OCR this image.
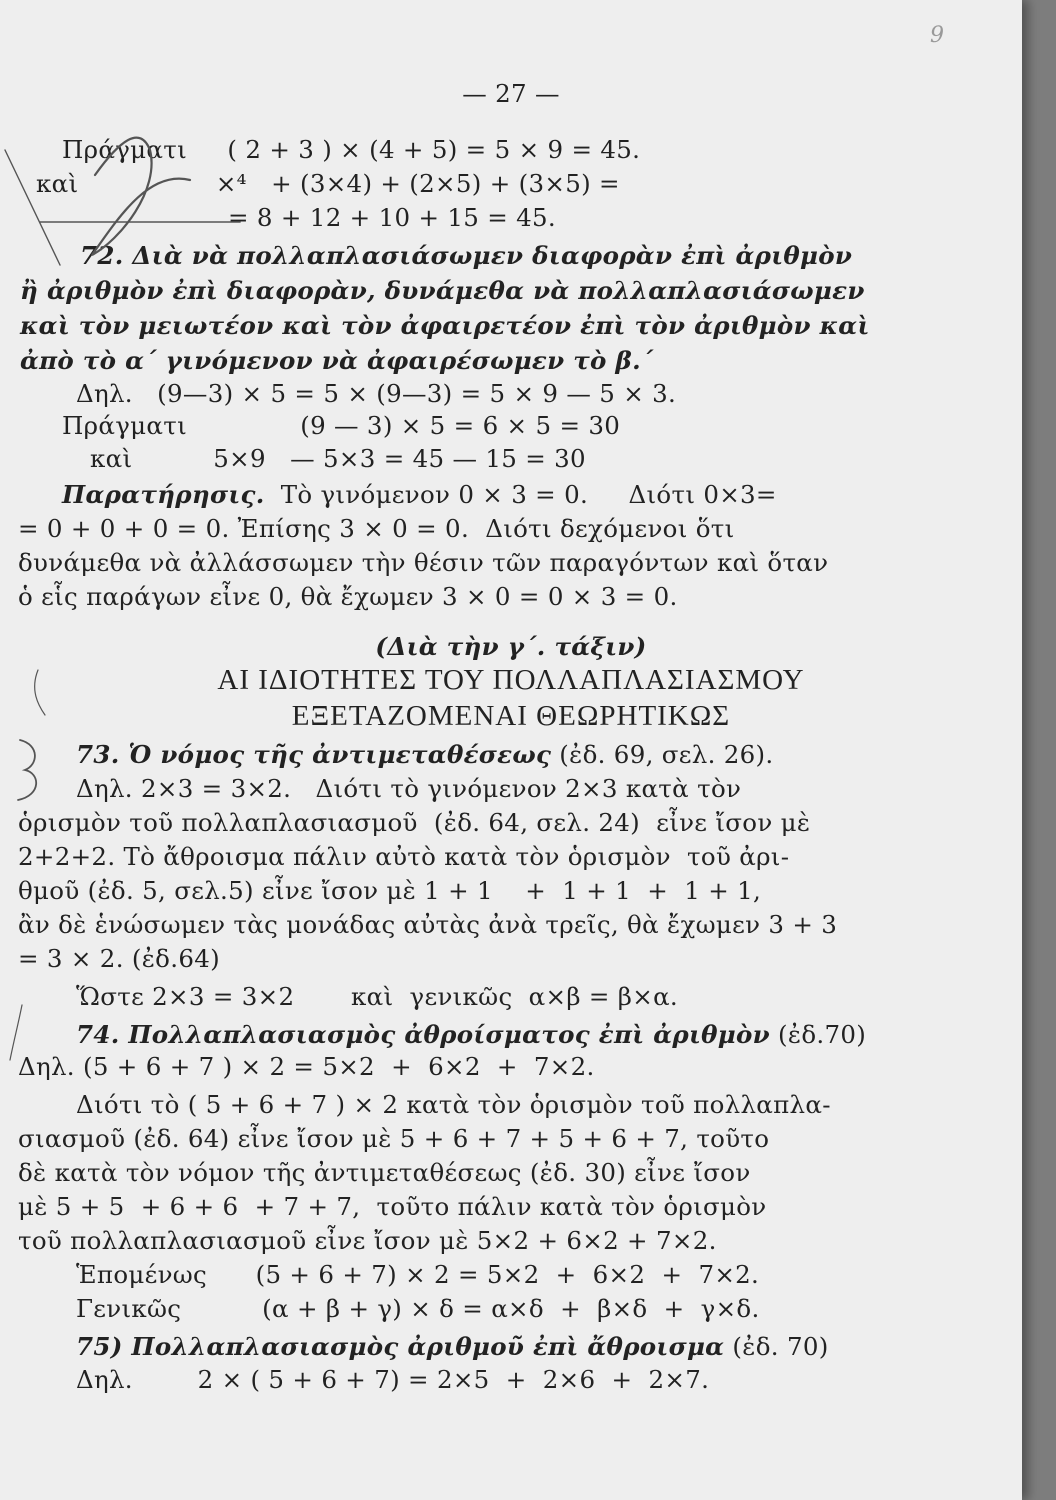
— 27 —
9
Πράγματι     ( 2 + 3 ) × (4 + 5) = 5 × 9 = 45.
καὶ                 ×⁴   + (3×4) + (2×5) + (3×5) =
= 8 + 12 + 10 + 15 = 45.
72. Διὰ νὰ πολλαπλασιάσωμεν διαφορὰν ἐπὶ ἀριθμὸν
ἢ ἀριθμὸν ἐπὶ διαφορὰν, δυνάμεθα νὰ πολλαπλασιάσωμεν
καὶ τὸν μειωτέον καὶ τὸν ἀφαιρετέον ἐπὶ τὸν ἀριθμὸν καὶ
ἀπὸ τὸ α΄ γινόμενον νὰ ἀφαιρέσωμεν τὸ β.΄
Δηλ.   (9—3) × 5 = 5 × (9—3) = 5 × 9 — 5 × 3.
Πράγματι              (9 — 3) × 5 = 6 × 5 = 30
καὶ          5×9   — 5×3 = 45 — 15 = 30
Παρατήρησις.  Τὸ γινόμενον 0 × 3 = 0.     Διότι 0×3=
= 0 + 0 + 0 = 0. Ἐπίσης 3 × 0 = 0.  Διότι δεχόμενοι ὅτι
δυνάμεθα νὰ ἀλλάσσωμεν τὴν θέσιν τῶν παραγόντων καὶ ὅταν
ὁ εἷς παράγων εἶνε 0, θὰ ἔχωμεν 3 × 0 = 0 × 3 = 0.
(Διὰ τὴν γ΄. τάξιν)
ΑΙ ΙΔΙΟΤΗΤΕΣ ΤΟΥ ΠΟΛΛΑΠΛΑΣΙΑΣΜΟΥ
ΕΞΕΤΑΖΟΜΕΝΑΙ ΘΕΩΡΗΤΙΚΩΣ
73. Ὁ νόμος τῆς ἀντιμεταθέσεως (ἐδ. 69, σελ. 26).
Δηλ. 2×3 = 3×2.   Διότι τὸ γινόμενον 2×3 κατὰ τὸν
ὁρισμὸν τοῦ πολλαπλασιασμοῦ  (ἐδ. 64, σελ. 24)  εἶνε ἴσον μὲ
2+2+2. Τὸ ἄθροισμα πάλιν αὐτὸ κατὰ τὸν ὁρισμὸν  τοῦ ἀρι-
θμοῦ (ἐδ. 5, σελ.5) εἶνε ἴσον μὲ 1 + 1    +  1 + 1  +  1 + 1,
ἂν δὲ ἑνώσωμεν τὰς μονάδας αὐτὰς ἀνὰ τρεῖς, θὰ ἔχωμεν 3 + 3
= 3 × 2. (ἐδ.64)
Ὥστε 2×3 = 3×2       καὶ  γενικῶς  α×β = β×α.
74. Πολλαπλασιασμὸς ἀθροίσματος ἐπὶ ἀριθμὸν (ἐδ.70)
Δηλ. (5 + 6 + 7 ) × 2 = 5×2  +  6×2  +  7×2.
Διότι τὸ ( 5 + 6 + 7 ) × 2 κατὰ τὸν ὁρισμὸν τοῦ πολλαπλα-
σιασμοῦ (ἐδ. 64) εἶνε ἴσον μὲ 5 + 6 + 7 + 5 + 6 + 7, τοῦτο
δὲ κατὰ τὸν νόμον τῆς ἀντιμεταθέσεως (ἐδ. 30) εἶνε ἴσον
μὲ 5 + 5  + 6 + 6  + 7 + 7,  τοῦτο πάλιν κατὰ τὸν ὁρισμὸν
τοῦ πολλαπλασιασμοῦ εἶνε ἴσον μὲ 5×2 + 6×2 + 7×2.
Ἑπομένως      (5 + 6 + 7) × 2 = 5×2  +  6×2  +  7×2.
Γενικῶς          (α + β + γ) × δ = α×δ  +  β×δ  +  γ×δ.
75) Πολλαπλασιασμὸς ἀριθμοῦ ἐπὶ ἄθροισμα (ἐδ. 70)
Δηλ.        2 × ( 5 + 6 + 7) = 2×5  +  2×6  +  2×7.
